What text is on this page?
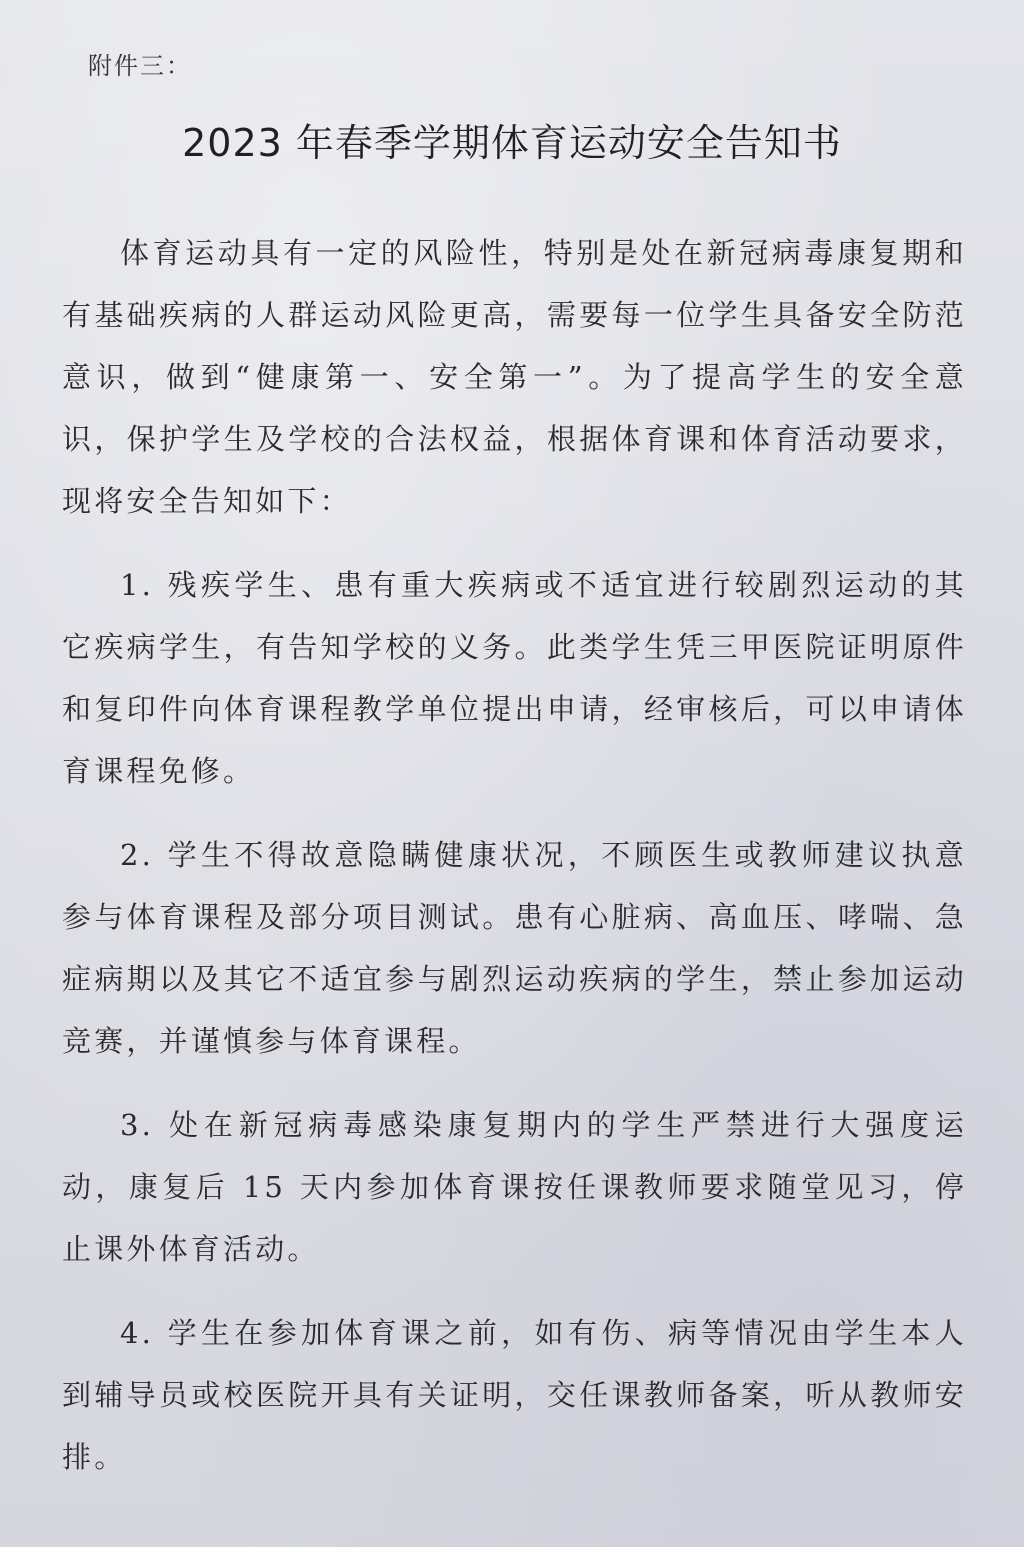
附件三：
2023 年春季学期体育运动安全告知书

体育运动具有一定的风险性，特别是处在新冠病毒康复期和有基础疾病的人群运动风险更高，需要每一位学生具备安全防范意识，做到“健康第一、安全第一”。为了提高学生的安全意识，保护学生及学校的合法权益，根据体育课和体育活动要求，现将安全告知如下：

1. 残疾学生、患有重大疾病或不适宜进行较剧烈运动的其它疾病学生，有告知学校的义务。此类学生凭三甲医院证明原件和复印件向体育课程教学单位提出申请，经审核后，可以申请体育课程免修。

2. 学生不得故意隐瞒健康状况，不顾医生或教师建议执意参与体育课程及部分项目测试。患有心脏病、高血压、哮喘、急症病期以及其它不适宜参与剧烈运动疾病的学生，禁止参加运动竞赛，并谨慎参与体育课程。

3. 处在新冠病毒感染康复期内的学生严禁进行大强度运动，康复后 15 天内参加体育课按任课教师要求随堂见习，停止课外体育活动。

4. 学生在参加体育课之前，如有伤、病等情况由学生本人到辅导员或校医院开具有关证明，交任课教师备案，听从教师安排。
